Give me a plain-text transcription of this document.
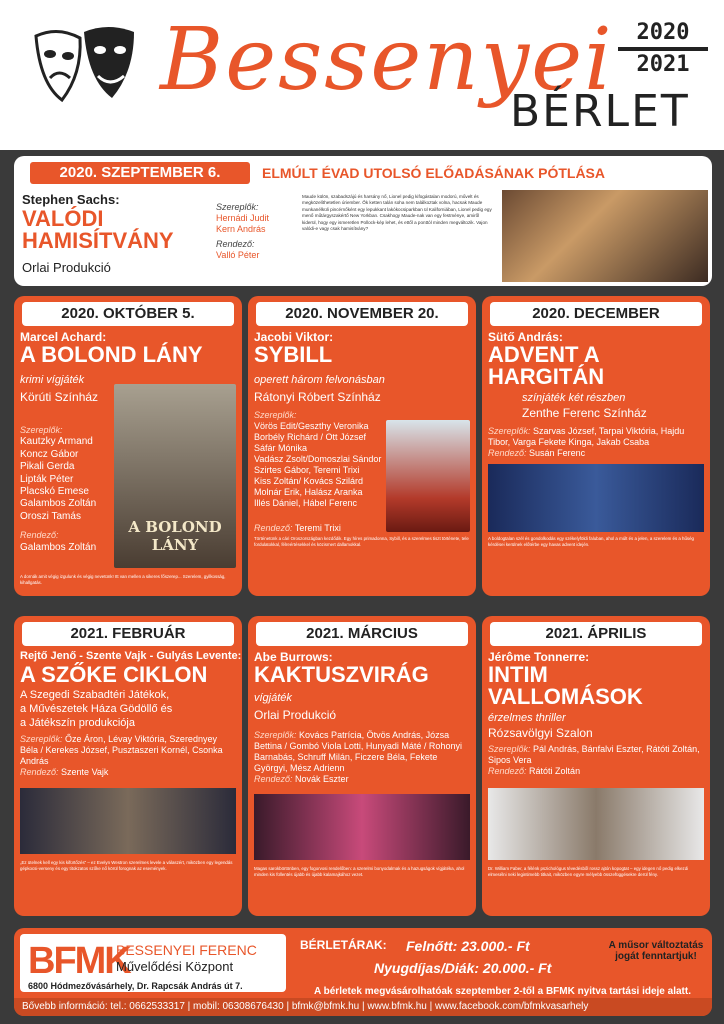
Bessenyei
BÉRLET
2020
2021
2020. SZEPTEMBER 6.	ELMÚLT ÉVAD UTOLSÓ ELŐADÁSÁNAK PÓTLÁSA
Stephen Sachs:
VALÓDI HAMISÍTVÁNY
Orlai Produkció
Szereplők:
Hernádi Judit
Kern András
Rendező:
Valló Péter
Maude külön, szabadszájú és harsány nő, Lionel pedig kifogástalan modorú, művelt és megközelíthetetlen úriember. Ők ketten talán soha nem találkoztak volna, hacsak Maude munkanélküli pincérnőként egy lepukkant lakókocsiparkban ül Kaliforniában, Lionel pedig egy menő műtárgyszakértő New Yorkban. Csakhogy Maude-nak van egy festménye, amiről kiderül, hogy egy ismeretlen Pollock-kép lehet, és ettől a ponttól minden megváltozik. Vajon valódi-e vagy csak hamisítvány?
2020. OKTÓBER 5.
Marcel Achard:
A BOLOND LÁNY
krimi vígjáték
Körúti Színház
Szereplők:
Kautzky Armand
Koncz Gábor
Pikali Gerda
Lipták Péter
Placskó Emese
Galambos Zoltán
Oroszi Tamás
Rendező:
Galambos Zoltán
A BOLOND LÁNY
A dornák amit végig izgulunk és végig nevetünk! Itt van mellen a sikeres főszerep... Szerelem, gyilkosság, kihallgatás.
2020. NOVEMBER 20.
Jacobi Viktor:
SYBILL
operett három felvonásban
Rátonyi Róbert Színház
Szereplők:
Vörös Edit/Geszthy Veronika
Borbély Richárd / Ott József
Sáfár Mónika
Vadász Zsolt/Domoszlai Sándor
Szirtes Gábor, Teremi Trixi
Kiss Zoltán/ Kovács Szilárd
Molnár Erik, Halász Aranka
Illés Dániel, Hábel Ferenc
Rendező: Teremi Trixi
Történetünk a cári Oroszországban kezdődik. Egy híres primadonna, Sybill, és a szerelmes tiszt története, tele fordulatokkal, félreértésekkel és közismert dallamokkal.
2020. DECEMBER
Sütő András:
ADVENT A HARGITÁN
színjáték két részben
Zenthe Ferenc Színház
Szereplők: Szarvas József, Tarpai Viktória, Hajdu Tibor, Varga Fekete Kinga, Jakab Csaba
Rendező: Susán Ferenc
A boldogtalan szél és gondolkodás egy székelyföldi faluban, ahol a múlt és a jelen, a szerelem és a hűség kérdései kerülnek előtérbe egy havas advent idején.
2021. FEBRUÁR
Rejtő Jenő - Szente Vajk - Gulyás Levente:
A SZŐKE CIKLON
A Szegedi Szabadtéri Játékok,
a Művészetek Háza Gödöllő és
a Játékszín produkciója
Szereplők: Őze Áron, Lévay Viktória, Szerednyey Béla / Kerekes József, Pusztaszeri Kornél, Csonka András
Rendező: Szente Vajk
„Ez ütelnek kell egy kis kifürtőzés” – ez Evelyn Westron szerelmes levele a válaszért, miközben egy legendás gépkocsi-verseny és egy titokzatos szőke nő körül forognak az események.
2021. MÁRCIUS
Abe Burrows:
KAKTUSZVIRÁG
vígjáték
Orlai Produkció
Szereplők: Kovács Patrícia, Ötvös András, Józsa Bettina / Gombó Viola Lotti, Hunyadi Máté / Rohonyi Barnabás, Schruff Milán, Ficzere Béla, Fekete Györgyi, Mész Adrienn
Rendező: Novák Eszter
Magas sarokbörtönben, egy fogorvosi rendelőben: a szerelmi bonyodalmak és a hazugságok vígjátéka, ahol minden kis füllentés újabb és újabb kalamajkához vezet.
2021. ÁPRILIS
Jérôme Tonnerre:
INTIM VALLOMÁSOK
érzelmes thriller
Rózsavölgyi Szalon
Szereplők: Pál András, Bánfalvi Eszter, Rátóti Zoltán, Sipos Vera
Rendező: Rátóti Zoltán
Dr. William Faber, a félénk pszichológus tévedésből rossz ajtón kopogtat – egy idegen nő pedig elkezdi elmesélni neki legintimebb titkait, miközben egyre mélyebb összefüggésekre derül fény.
BFMK
BESSENYEI FERENC
Művelődési Központ
6800 Hódmezővásárhely, Dr. Rapcsák András út 7.
BÉRLETÁRAK: Felnőtt: 23.000.- Ft
Nyugdíjas/Diák: 20.000.- Ft
A műsor változtatás jogát fenntartjuk!
A bérletek megvásárolhatóak szeptember 2-től a BFMK nyitva tartási ideje alatt.
Bővebb információ: tel.: 0662533317 | mobil: 06308676430 | bfmk@bfmk.hu | www.bfmk.hu | www.facebook.com/bfmkvasarhely
